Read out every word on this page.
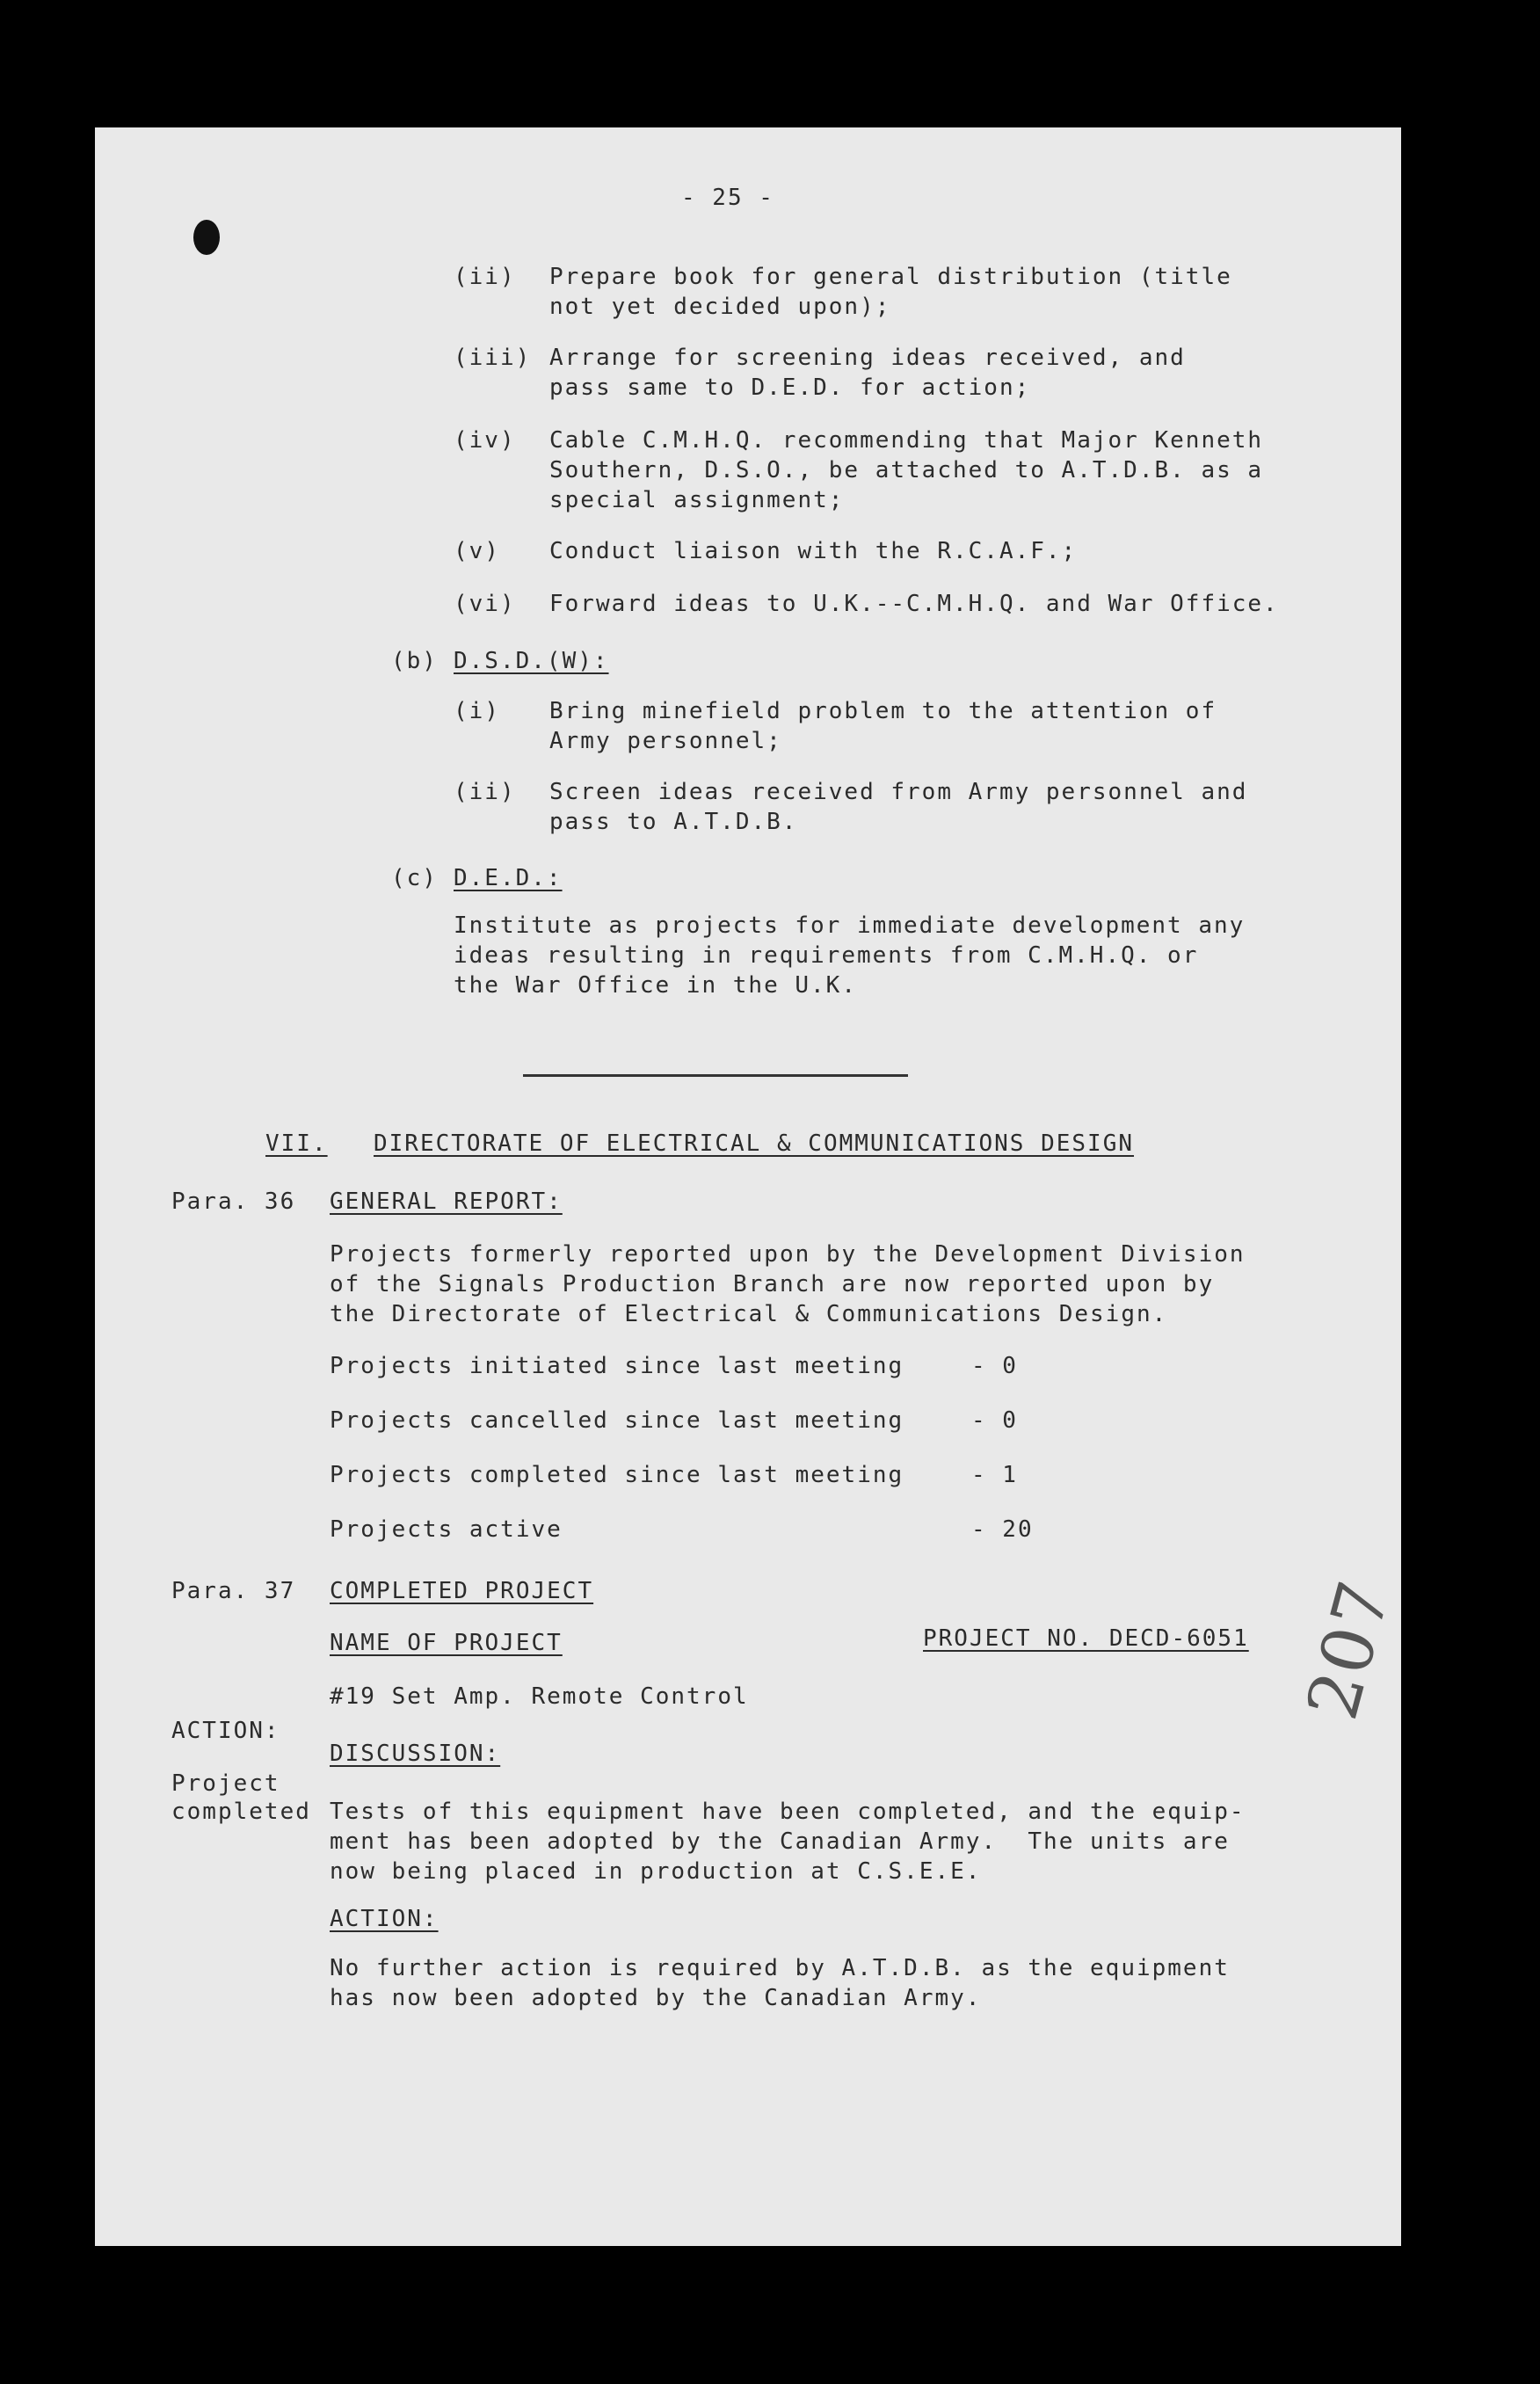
- 25 -
(ii) Prepare book for general distribution (title
not yet decided upon);
(iii) Arrange for screening ideas received, and
pass same to D.E.D. for action;
(iv) Cable C.M.H.Q. recommending that Major Kenneth
Southern, D.S.O., be attached to A.T.D.B. as a
special assignment;
(v) Conduct liaison with the R.C.A.F.;
(vi) Forward ideas to U.K.--C.M.H.Q. and War Office.
(b) D.S.D.(W):
(i) Bring minefield problem to the attention of
Army personnel;
(ii) Screen ideas received from Army personnel and
pass to A.T.D.B.
(c) D.E.D.:
Institute as projects for immediate development any
ideas resulting in requirements from C.M.H.Q. or
the War Office in the U.K.
VII. DIRECTORATE OF ELECTRICAL & COMMUNICATIONS DESIGN
Para. 36 GENERAL REPORT:
Projects formerly reported upon by the Development Division
of the Signals Production Branch are now reported upon by
the Directorate of Electrical & Communications Design.
Projects initiated since last meeting	- 0
Projects cancelled since last meeting	- 0
Projects completed since last meeting	- 1
Projects active	- 20
Para. 37 COMPLETED PROJECT
NAME OF PROJECT	PROJECT NO. DECD-6051
#19 Set Amp. Remote Control
ACTION:
DISCUSSION:
Project
completed Tests of this equipment have been completed, and the equip-
ment has been adopted by the Canadian Army.  The units are
now being placed in production at C.S.E.E.
ACTION:
No further action is required by A.T.D.B. as the equipment
has now been adopted by the Canadian Army.
207
